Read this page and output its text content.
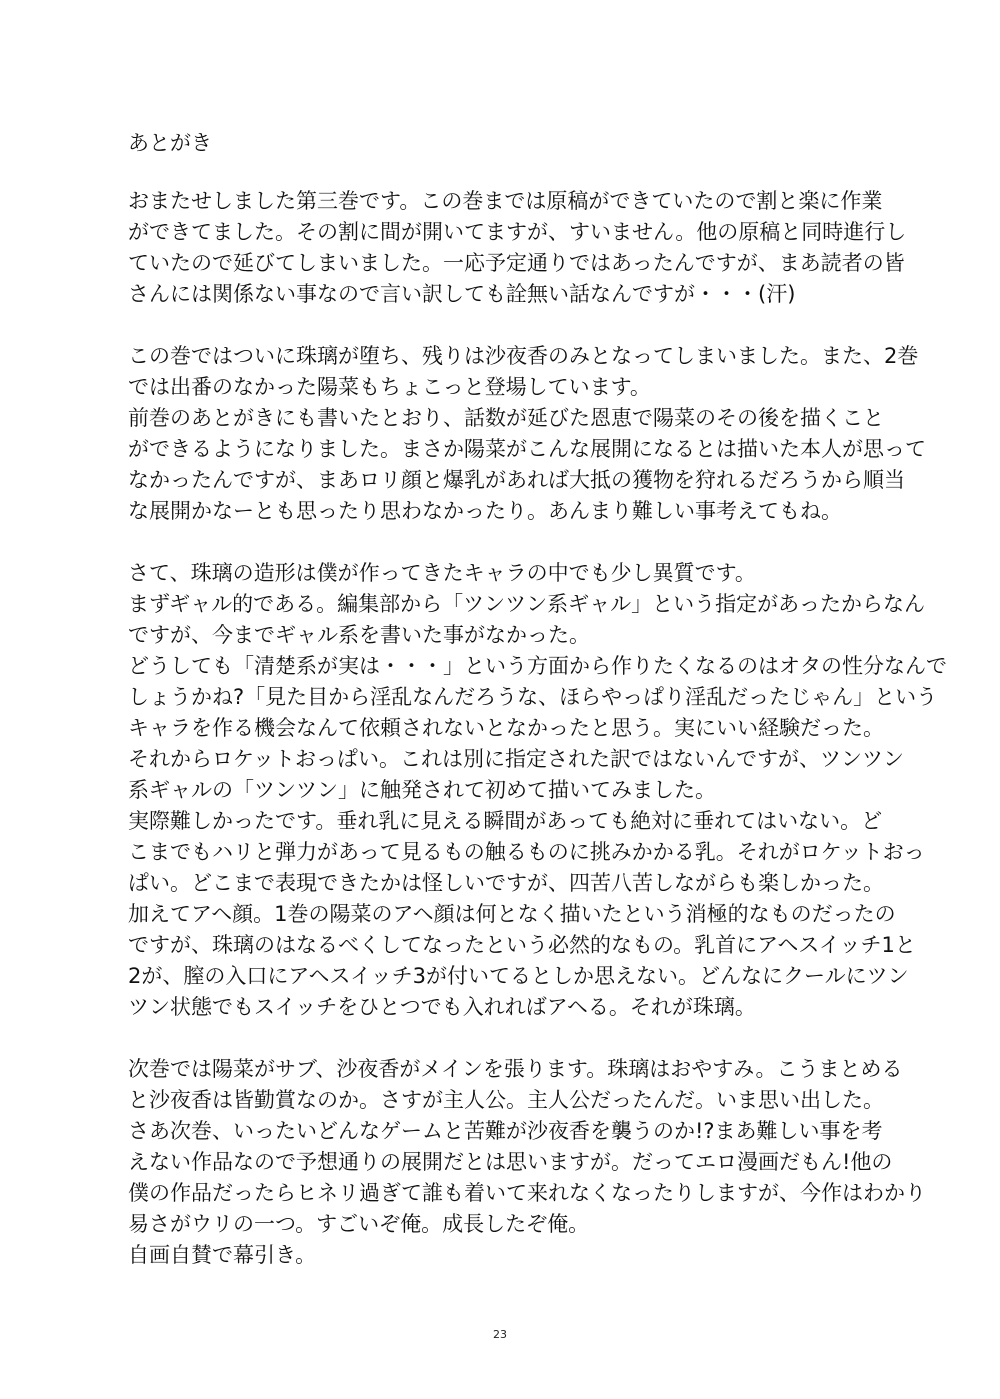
あとがき
おまたせしました第三巻です。この巻までは原稿ができていたので割と楽に作業
ができてました。その割に間が開いてますが、すいません。他の原稿と同時進行し
ていたので延びてしまいました。一応予定通りではあったんですが、まあ読者の皆
さんには関係ない事なので言い訳しても詮無い話なんですが・・・(汗)
この巻ではついに珠璃が堕ち、残りは沙夜香のみとなってしまいました。また、2巻
では出番のなかった陽菜もちょこっと登場しています。
前巻のあとがきにも書いたとおり、話数が延びた恩恵で陽菜のその後を描くこと
ができるようになりました。まさか陽菜がこんな展開になるとは描いた本人が思って
なかったんですが、まあロリ顔と爆乳があれば大抵の獲物を狩れるだろうから順当
な展開かなーとも思ったり思わなかったり。あんまり難しい事考えてもね。
さて、珠璃の造形は僕が作ってきたキャラの中でも少し異質です。
まずギャル的である。編集部から「ツンツン系ギャル」という指定があったからなん
ですが、今までギャル系を書いた事がなかった。
どうしても「清楚系が実は・・・」という方面から作りたくなるのはオタの性分なんで
しょうかね?「見た目から淫乱なんだろうな、ほらやっぱり淫乱だったじゃん」という
キャラを作る機会なんて依頼されないとなかったと思う。実にいい経験だった。
それからロケットおっぱい。これは別に指定された訳ではないんですが、ツンツン
系ギャルの「ツンツン」に触発されて初めて描いてみました。
実際難しかったです。垂れ乳に見える瞬間があっても絶対に垂れてはいない。ど
こまでもハリと弾力があって見るもの触るものに挑みかかる乳。それがロケットおっ
ぱい。どこまで表現できたかは怪しいですが、四苦八苦しながらも楽しかった。
加えてアヘ顔。1巻の陽菜のアヘ顔は何となく描いたという消極的なものだったの
ですが、珠璃のはなるべくしてなったという必然的なもの。乳首にアヘスイッチ1と
2が、膣の入口にアヘスイッチ3が付いてるとしか思えない。どんなにクールにツン
ツン状態でもスイッチをひとつでも入れればアヘる。それが珠璃。
次巻では陽菜がサブ、沙夜香がメインを張ります。珠璃はおやすみ。こうまとめる
と沙夜香は皆勤賞なのか。さすが主人公。主人公だったんだ。いま思い出した。
さあ次巻、いったいどんなゲームと苦難が沙夜香を襲うのか!?まあ難しい事を考
えない作品なので予想通りの展開だとは思いますが。だってエロ漫画だもん!他の
僕の作品だったらヒネリ過ぎて誰も着いて来れなくなったりしますが、今作はわかり
易さがウリの一つ。すごいぞ俺。成長したぞ俺。
自画自賛で幕引き。
23
